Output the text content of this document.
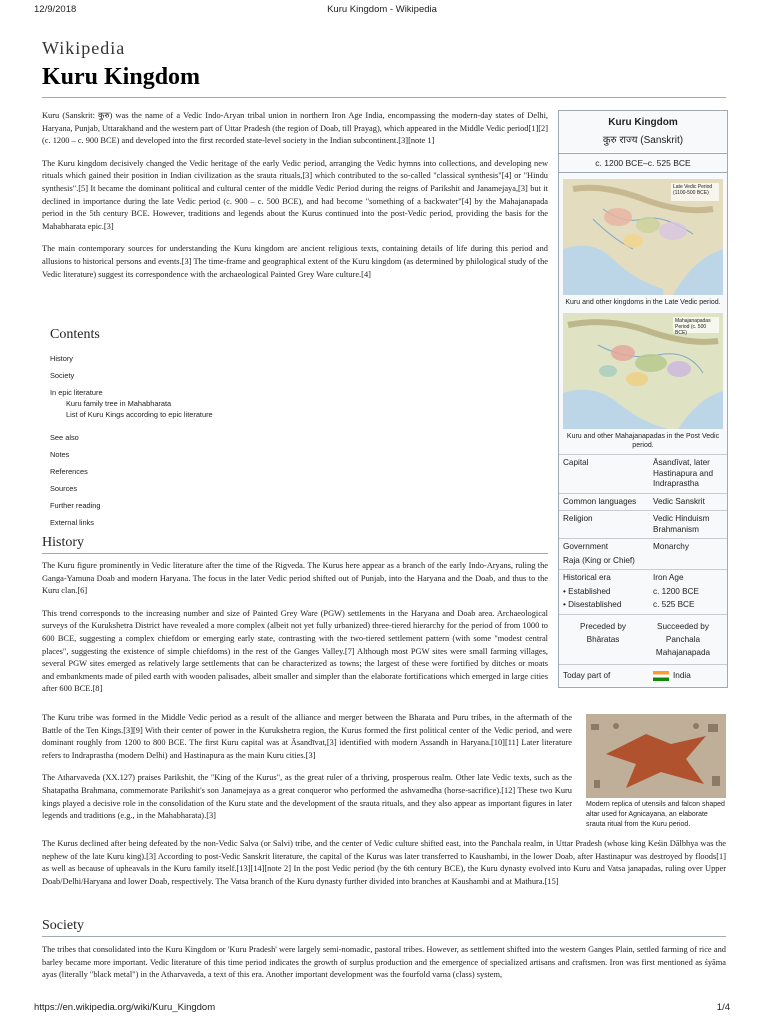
12/9/2018	Kuru Kingdom - Wikipedia
Wikipedia
Kuru Kingdom

Kuru (Sanskrit: कुरु) was the name of a Vedic Indo-Aryan tribal union in northern Iron Age India, encompassing the modern-day states of Delhi, Haryana, Punjab, Uttarakhand and the western part of Uttar Pradesh (the region of Doab, till Prayag), which appeared in the Middle Vedic period[1][2] (c. 1200 – c. 900 BCE) and developed into the first recorded state-level society in the Indian subcontinent.[3][note 1]

The Kuru kingdom decisively changed the Vedic heritage of the early Vedic period, arranging the Vedic hymns into collections, and developing new rituals which gained their position in Indian civilization as the srauta rituals,[3] which contributed to the so-called "classical synthesis"[4] or "Hindu synthesis".[5] It became the dominant political and cultural center of the middle Vedic Period during the reigns of Parikshit and Janamejaya,[3] but it declined in importance during the late Vedic period (c. 900 – c. 500 BCE), and had become "something of a backwater"[4] by the Mahajanapada period in the 5th century BCE. However, traditions and legends about the Kurus continued into the post-Vedic period, providing the basis for the Mahabharata epic.[3]

The main contemporary sources for understanding the Kuru kingdom are ancient religious texts, containing details of life during this period and allusions to historical persons and events.[3] The time-frame and geographical extent of the Kuru kingdom (as determined by philological study of the Vedic literature) suggest its correspondence with the archaeological Painted Grey Ware culture.[4]

Kuru Kingdom
कुरु राज्य (Sanskrit)
c. 1200 BCE–c. 525 BCE
Late Vedic Period (1100-500 BCE)
Kuru and other kingdoms in the Late Vedic period.
Mahajanapadas Period (c. 500 BCE)
Kuru and other Mahajanapadas in the Post Vedic period.
Capital	Āsandīvat, later Hastinapura and Indraprastha
Common languages	Vedic Sanskrit
Religion	Vedic Hinduism Brahmanism
Government	Monarchy
Raja (King or Chief)
Historical era	Iron Age
• Established	c. 1200 BCE
• Disestablished	c. 525 BCE
Preceded by
Bhāratas
Succeeded by
Panchala Mahajanapada
Today part of	India
Contents
History
Society
In epic literature
Kuru family tree in Mahabharata
List of Kuru Kings according to epic literature
See also
Notes
References
Sources
Further reading
External links
History

The Kuru figure prominently in Vedic literature after the time of the Rigveda. The Kurus here appear as a branch of the early Indo-Aryans, ruling the Ganga-Yamuna Doab and modern Haryana. The focus in the later Vedic period shifted out of Punjab, into the Haryana and the Doab, and thus to the Kuru clan.[6]

This trend corresponds to the increasing number and size of Painted Grey Ware (PGW) settlements in the Haryana and Doab area. Archaeological surveys of the Kurukshetra District have revealed a more complex (albeit not yet fully urbanized) three-tiered hierarchy for the period of from 1000 to 600 BCE, suggesting a complex chiefdom or emerging early state, contrasting with the two-tiered settlement pattern (with some "modest central places", suggesting the existence of simple chiefdoms) in the rest of the Ganges Valley.[7] Although most PGW sites were small farming villages, several PGW sites emerged as relatively large settlements that can be characterized as towns; the largest of these were fortified by ditches or moats and embankments made of piled earth with wooden palisades, albeit smaller and simpler than the elaborate fortifications which emerged in large cities after 600 BCE.[8]

The Kuru tribe was formed in the Middle Vedic period as a result of the alliance and merger between the Bharata and Puru tribes, in the aftermath of the Battle of the Ten Kings.[3][9] With their center of power in the Kurukshetra region, the Kurus formed the first political center of the Vedic period, and were dominant roughly from 1200 to 800 BCE. The first Kuru capital was at Āsandīvat,[3] identified with modern Assandh in Haryana.[10][11] Later literature refers to Indraprastha (modern Delhi) and Hastinapura as the main Kuru cities.[3]

The Atharvaveda (XX.127) praises Parikshit, the "King of the Kurus", as the great ruler of a thriving, prosperous realm. Other late Vedic texts, such as the Shatapatha Brahmana, commemorate Parikshit's son Janamejaya as a great conqueror who performed the ashvamedha (horse-sacrifice).[12] These two Kuru kings played a decisive role in the consolidation of the Kuru state and the development of the srauta rituals, and they also appear as important figures in later legends and traditions (e.g., in the Mahabharata).[3]

The Kurus declined after being defeated by the non-Vedic Salva (or Salvi) tribe, and the center of Vedic culture shifted east, into the Panchala realm, in Uttar Pradesh (whose king Keśin Dālbhya was the nephew of the late Kuru king).[3] According to post-Vedic Sanskrit literature, the capital of the Kurus was later transferred to Kaushambi, in the lower Doab, after Hastinapur was destroyed by floods[1] as well as because of upheavals in the Kuru family itself.[13][14][note 2] In the post Vedic period (by the 6th century BCE), the Kuru dynasty evolved into Kuru and Vatsa janapadas, ruling over Upper Doab/Delhi/Haryana and lower Doab, respectively. The Vatsa branch of the Kuru dynasty further divided into branches at Kaushambi and at Mathura.[15]

Modern replica of utensils and falcon shaped altar used for Agnicayana, an elaborate srauta ritual from the Kuru period.
Society

The tribes that consolidated into the Kuru Kingdom or 'Kuru Pradesh' were largely semi-nomadic, pastoral tribes. However, as settlement shifted into the western Ganges Plain, settled farming of rice and barley became more important. Vedic literature of this time period indicates the growth of surplus production and the emergence of specialized artisans and craftsmen. Iron was first mentioned as śyāma ayas (literally "black metal") in the Atharvaveda, a text of this era. Another important development was the fourfold varna (class) system,

https://en.wikipedia.org/wiki/Kuru_Kingdom	1/4
